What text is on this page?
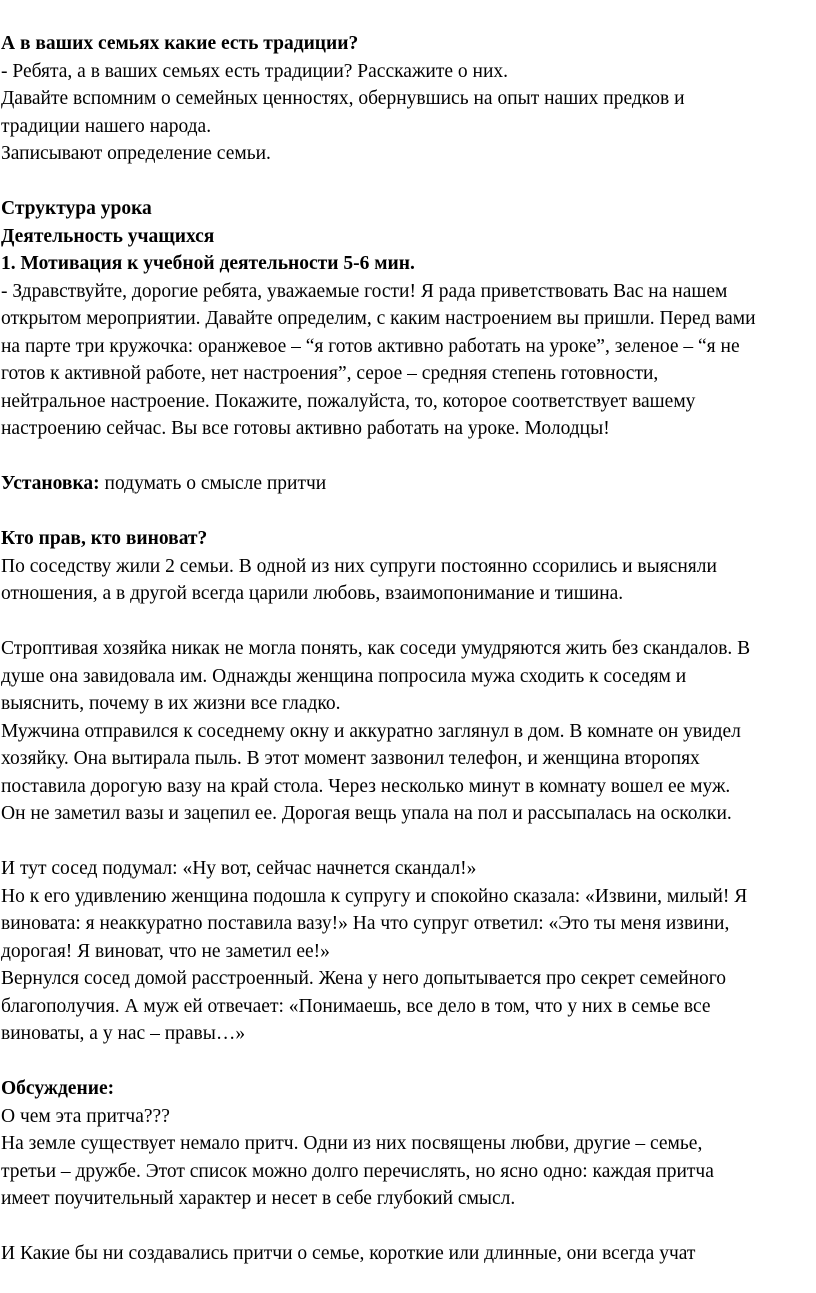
А в ваших семьях какие есть традиции?

- Ребята, а в ваших семьях есть традиции? Расскажите о них.

Давайте вспомним о семейных ценностях, обернувшись на опыт наших предков и

традиции нашего народа.

Записывают определение семьи.

Структура урока

Деятельность учащихся

1. Мотивация к учебной деятельности 5-6 мин.

- Здравствуйте, дорогие ребята, уважаемые гости! Я рада приветствовать Вас на нашем

открытом мероприятии. Давайте определим, с каким настроением вы пришли. Перед вами

на парте три кружочка: оранжевое – “я готов активно работать на уроке”, зеленое – “я не

готов к активной работе, нет настроения”, серое – средняя степень готовности,

нейтральное настроение. Покажите, пожалуйста, то, которое соответствует вашему

настроению сейчас. Вы все готовы активно работать на уроке. Молодцы!

Установка: подумать о смысле притчи

Кто прав, кто виноват?

По соседству жили 2 семьи. В одной из них супруги постоянно ссорились и выясняли

отношения, а в другой всегда царили любовь, взаимопонимание и тишина.

Строптивая хозяйка никак не могла понять, как соседи умудряются жить без скандалов. В

душе она завидовала им. Однажды женщина попросила мужа сходить к соседям и

выяснить, почему в их жизни все гладко.

Мужчина отправился к соседнему окну и аккуратно заглянул в дом. В комнате он увидел

хозяйку. Она вытирала пыль. В этот момент зазвонил телефон, и женщина второпях

поставила дорогую вазу на край стола. Через несколько минут в комнату вошел ее муж.

Он не заметил вазы и зацепил ее. Дорогая вещь упала на пол и рассыпалась на осколки.

И тут сосед подумал: «Ну вот, сейчас начнется скандал!»

Но к его удивлению женщина подошла к супругу и спокойно сказала: «Извини, милый! Я

виновата: я неаккуратно поставила вазу!» На что супруг ответил: «Это ты меня извини,

дорогая! Я виноват, что не заметил ее!»

Вернулся сосед домой расстроенный. Жена у него допытывается про секрет семейного

благополучия. А муж ей отвечает: «Понимаешь, все дело в том, что у них в семье все

виноваты, а у нас – правы…»

Обсуждение:

О чем эта притча???

На земле существует немало притч. Одни из них посвящены любви, другие – семье,

третьи – дружбе. Этот список можно долго перечислять, но ясно одно: каждая притча

имеет поучительный характер и несет в себе глубокий смысл.

И Какие бы ни создавались притчи о семье, короткие или длинные, они всегда учат
